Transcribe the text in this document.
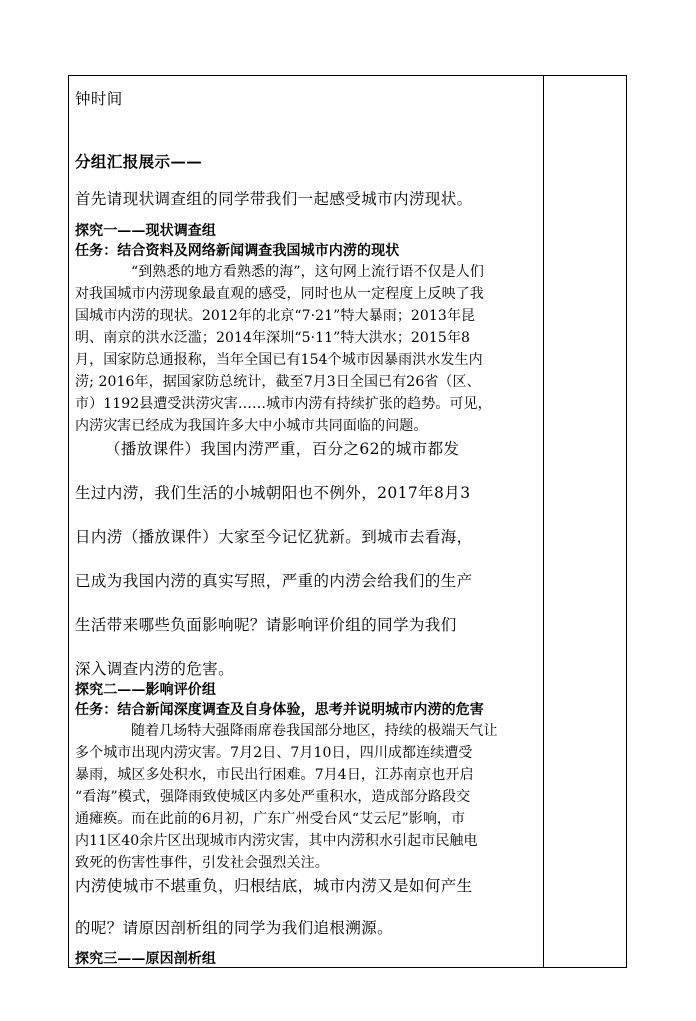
钟时间
分组汇报展示——
首先请现状调查组的同学带我们一起感受城市内涝现状。
探究一——现状调查组
任务：结合资料及网络新闻调查我国城市内涝的现状
“到熟悉的地方看熟悉的海”，这句网上流行语不仅是人们
对我国城市内涝现象最直观的感受，同时也从一定程度上反映了我
国城市内涝的现状。2012年的北京“7·21”特大暴雨；2013年昆
明、南京的洪水泛滥；2014年深圳“5·11”特大洪水；2015年8
月，国家防总通报称，当年全国已有154个城市因暴雨洪水发生内
涝; 2016年，据国家防总统计，截至7月3日全国已有26省（区、
市）1192县遭受洪涝灾害……城市内涝有持续扩张的趋势。可见，
内涝灾害已经成为我国许多大中小城市共同面临的问题。
（播放课件）我国内涝严重，百分之62的城市都发
生过内涝，我们生活的小城朝阳也不例外，2017年8月3
日内涝（播放课件）大家至今记忆犹新。到城市去看海，
已成为我国内涝的真实写照，严重的内涝会给我们的生产
生活带来哪些负面影响呢？请影响评价组的同学为我们
深入调查内涝的危害。
探究二——影响评价组
任务：结合新闻深度调查及自身体验，思考并说明城市内涝的危害
随着几场特大强降雨席卷我国部分地区，持续的极端天气让
多个城市出现内涝灾害。7月2日、7月10日，四川成都连续遭受
暴雨，城区多处积水，市民出行困难。7月4日，江苏南京也开启
“看海”模式，强降雨致使城区内多处严重积水，造成部分路段交
通瘫痪。而在此前的6月初，广东广州受台风“艾云尼”影响，市
内11区40余片区出现城市内涝灾害，其中内涝积水引起市民触电
致死的伤害性事件，引发社会强烈关注。
内涝使城市不堪重负，归根结底，城市内涝又是如何产生
的呢？请原因剖析组的同学为我们追根溯源。
探究三——原因剖析组
